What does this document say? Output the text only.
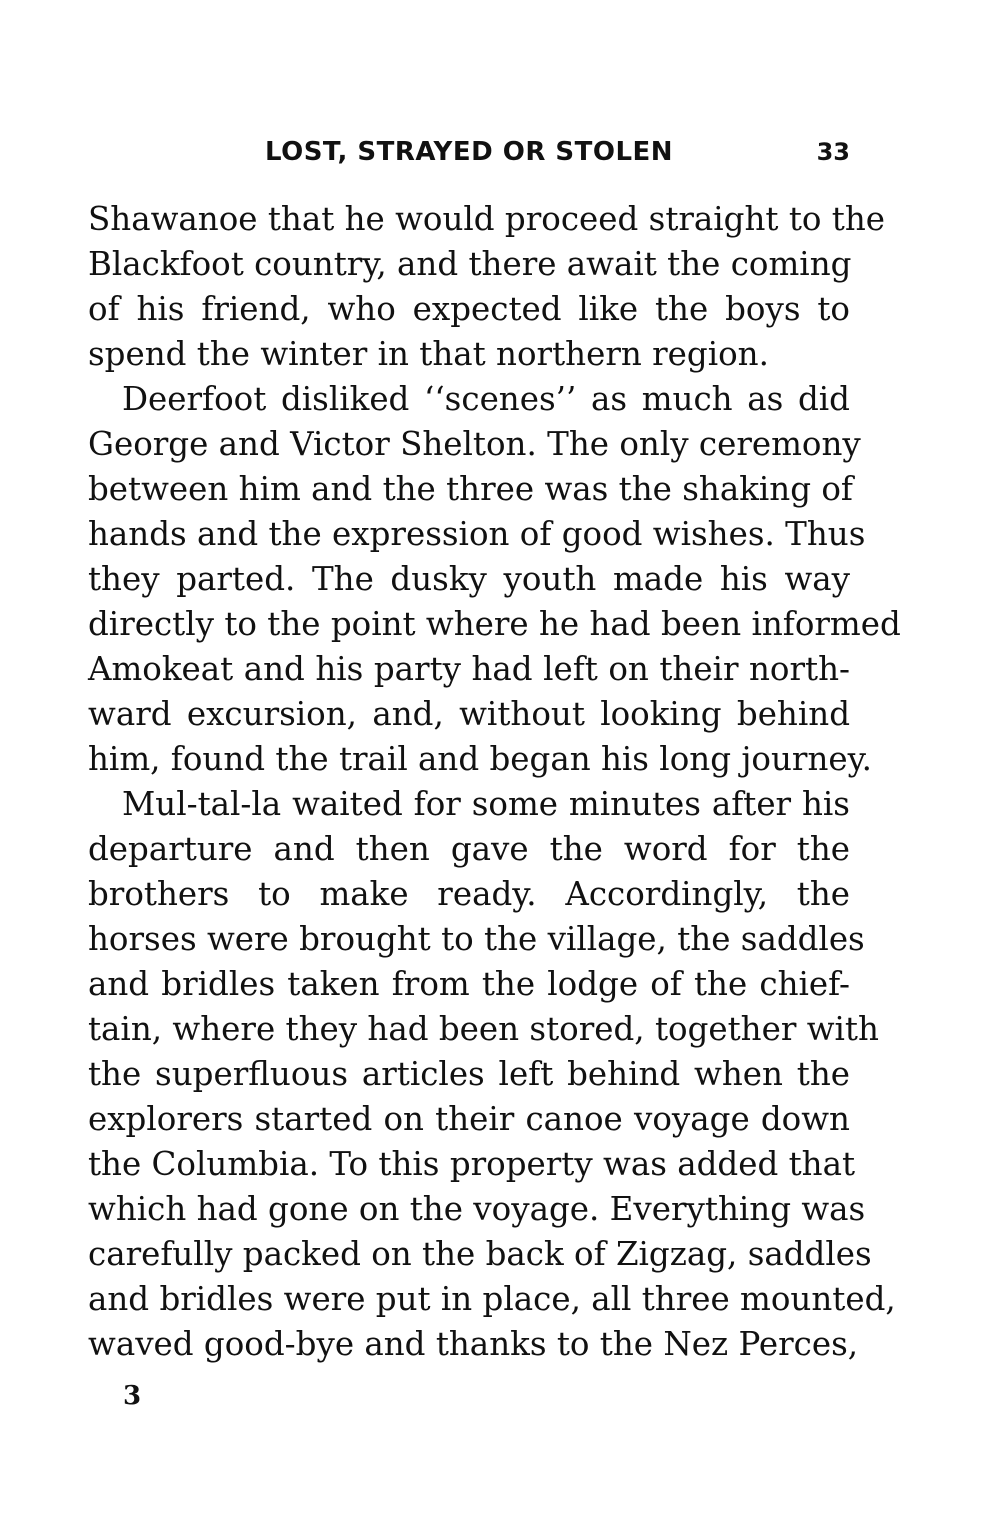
LOST, STRAYED OR STOLEN	33
Shawanoe that he would proceed straight to the
Blackfoot country, and there await the coming
of his friend, who expected like the boys to
spend the winter in that northern region.
Deerfoot disliked ‘‘scenes’’ as much as did
George and Victor Shelton. The only ceremony
between him and the three was the shaking of
hands and the expression of good wishes. Thus
they parted. The dusky youth made his way
directly to the point where he had been informed
Amokeat and his party had left on their north-
ward excursion, and, without looking behind
him, found the trail and began his long journey.
Mul-tal-la waited for some minutes after his
departure and then gave the word for the
brothers to make ready. Accordingly, the
horses were brought to the village, the saddles
and bridles taken from the lodge of the chief-
tain, where they had been stored, together with
the superfluous articles left behind when the
explorers started on their canoe voyage down
the Columbia. To this property was added that
which had gone on the voyage. Everything was
carefully packed on the back of Zigzag, saddles
and bridles were put in place, all three mounted,
waved good-bye and thanks to the Nez Perces,
3
